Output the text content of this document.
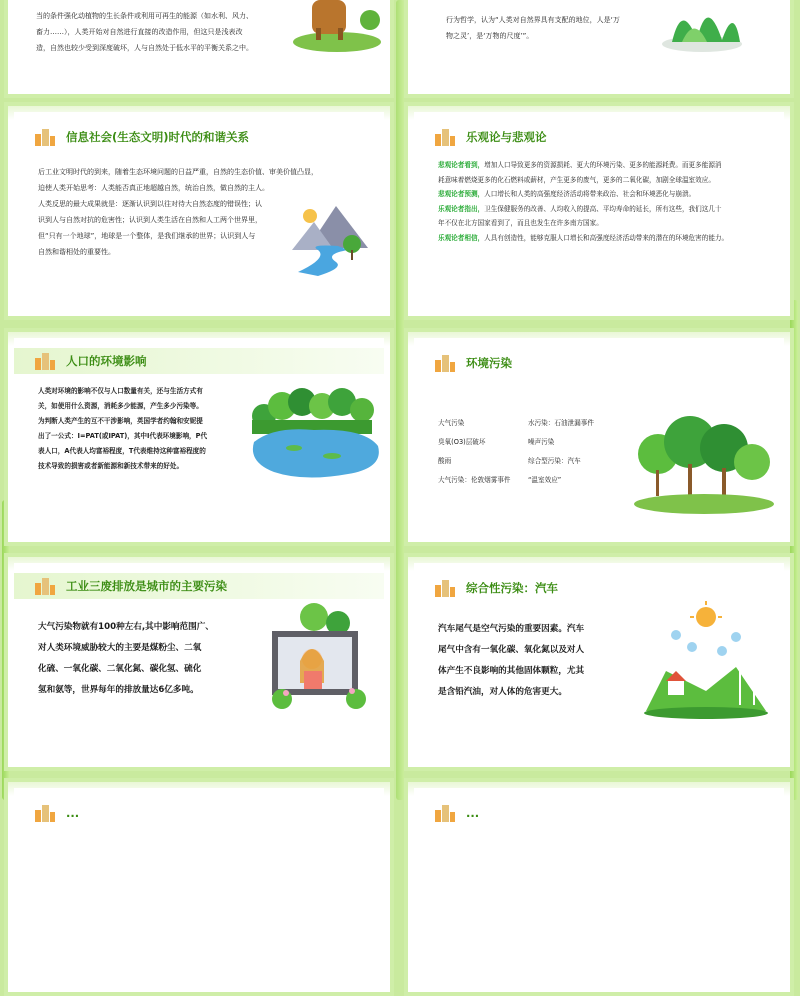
当的条件强化动植物的生长条件或利用可再生的能源（如水利、风力、

畜力……），人类开始对自然进行直接的改造作用，但这只是浅表改

造，自然也较少受到深度破坏，人与自然处于低水平的平衡关系之中。

行为哲学，认为“人类对自然界具有支配的地位，人是‘万

物之灵’，是‘万物的尺度’”。

信息社会(生态文明)时代的和谐关系

后工业文明时代的到来，随着生态环境问题的日益严重，自然的生态价值、审美价值凸显，

迫使人类开始思考：人类能否真正地超越自然，统治自然，做自然的主人。

人类反思的最大成果就是：逐渐认识到以往对待大自然态度的错误性；认

识到人与自然对抗的危害性；认识到人类生活在自然和人工两个世界里，

但“只有一个地球”，地球是一个整体，是我们继承的世界；认识到人与

自然和谐相处的重要性。

乐观论与悲观论

悲观论者看到，增加人口导致更多的资源损耗、更大的环境污染、更多的能源耗费。而更多能源消

耗意味着燃烧更多的化石燃料或薪材，产生更多的废气，更多的二氧化碳，加剧全球温室效应。

悲观论者预测，人口增长和人类的高强度经济活动将带来政治、社会和环境恶化与崩溃。

乐观论者指出，卫生保健服务的改善、人均收入的提高、平均寿命的延长，所有这些，我们这几十

年不仅在北方国家看到了，而且也发生在许多南方国家。

乐观论者相信，人具有创造性，能够克服人口增长和高强度经济活动带来的潜在的环境危害的能力。

人口的环境影响

人类对环境的影响不仅与人口数量有关，还与生活方式有

关，如使用什么资源，消耗多少能源，产生多少污染等。

为判断人类产生的互不干涉影响，英国学者约翰和安妮提

出了一公式：I=PAT(或IPAT)，其中I代表环境影响，P代

表人口，A代表人均富裕程度，T代表维持这种富裕程度的

技术导致的损害或者新能源和新技术带来的好处。

环境污染

大气污染

臭氧(O3)层破坏

酸雨

大气污染：伦敦烟雾事件

水污染：石油泄漏事件

噪声污染

综合型污染：汽车

“温室效应”

工业三废排放是城市的主要污染

大气污染物就有100种左右,其中影响范围广、

对人类环境威胁较大的主要是煤粉尘、二氧

化硫、一氧化碳、二氧化氮、碳化氢、硫化

氢和氨等，世界每年的排放量达6亿多吨。

综合性污染：汽车

汽车尾气是空气污染的重要因素。汽车

尾气中含有一氧化碳、氧化氮以及对人

体产生不良影响的其他固体颗粒，尤其

是含铅汽油，对人体的危害更大。

...	...
